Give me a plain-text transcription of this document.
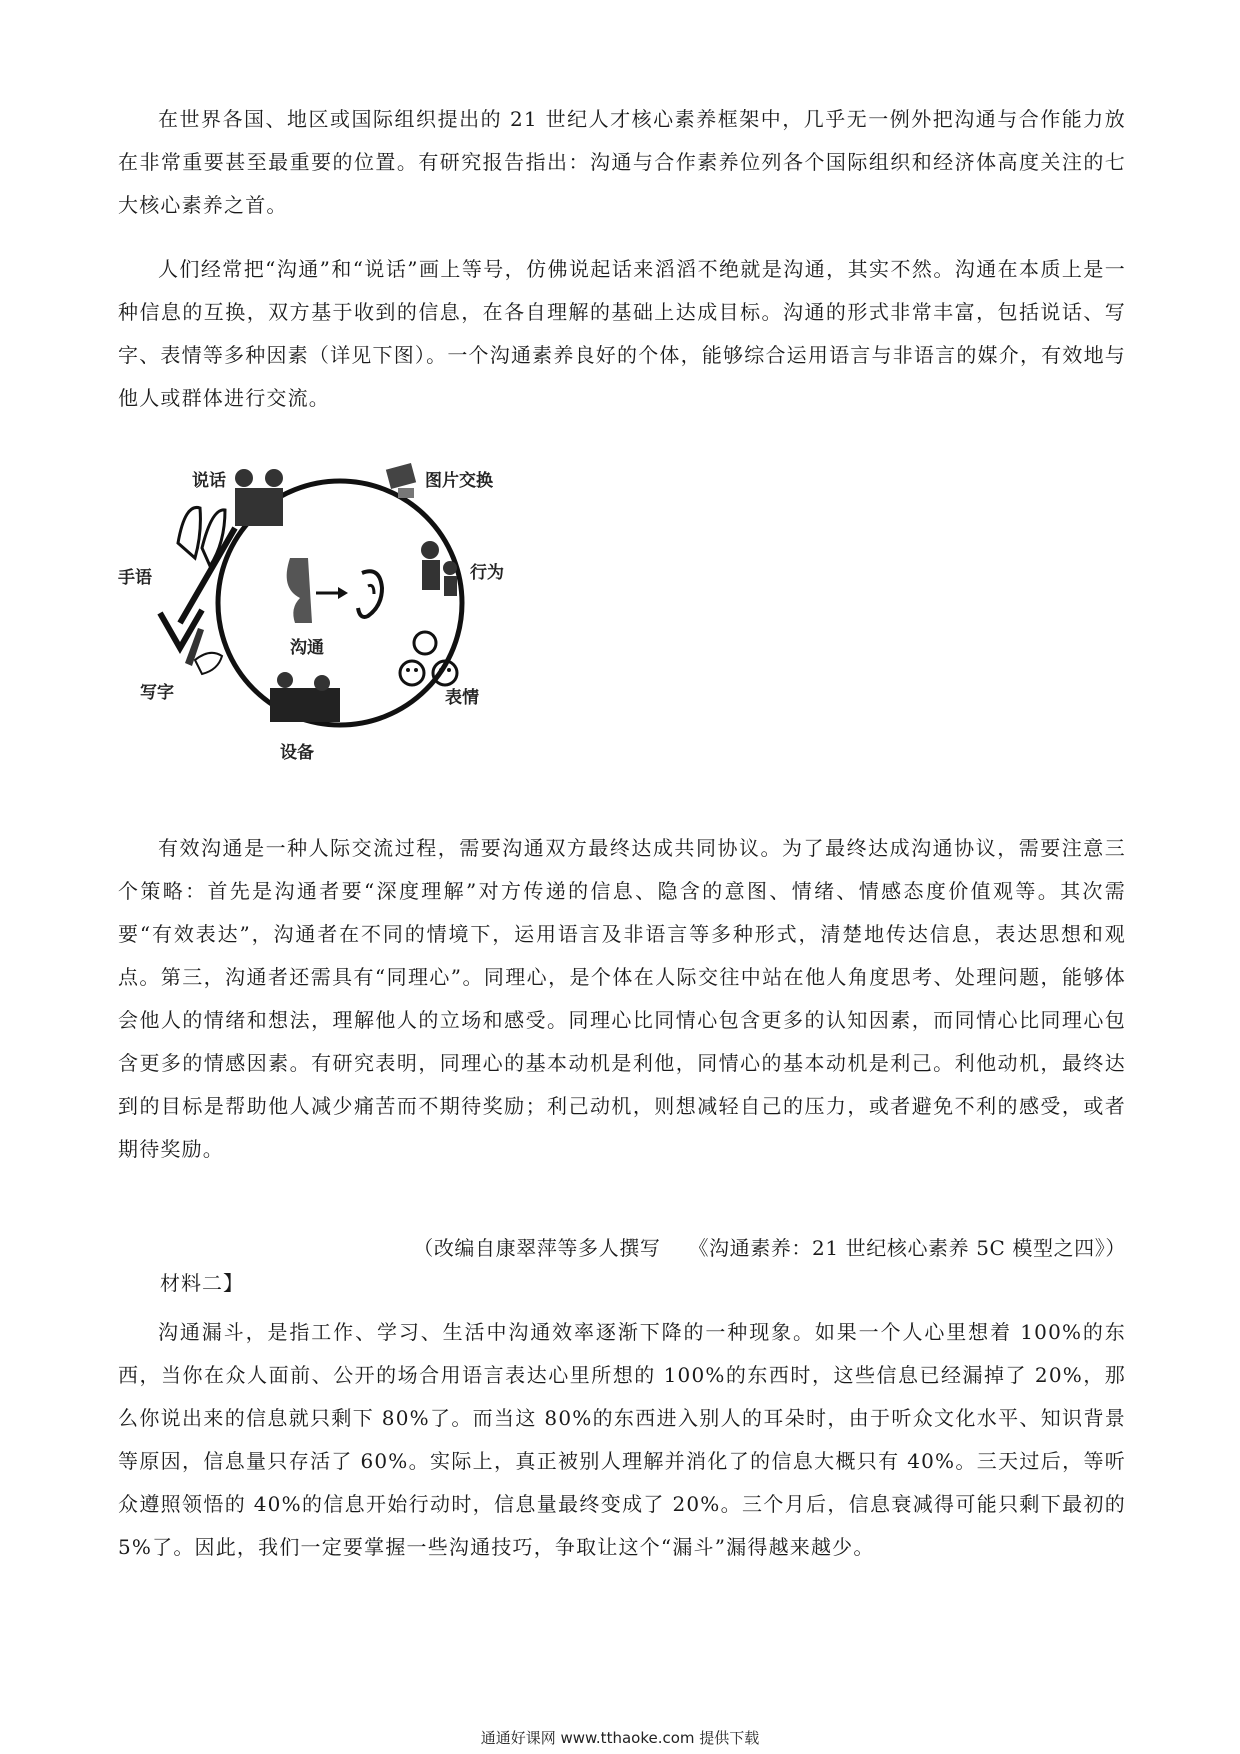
在世界各国、地区或国际组织提出的 21 世纪人才核心素养框架中，几乎无一例外把沟通与合作能力放在非常重要甚至最重要的位置。有研究报告指出：沟通与合作素养位列各个国际组织和经济体高度关注的七大核心素养之首。

人们经常把“沟通”和“说话”画上等号，仿佛说起话来滔滔不绝就是沟通，其实不然。沟通在本质上是一种信息的互换，双方基于收到的信息，在各自理解的基础上达成目标。沟通的形式非常丰富，包括说话、写字、表情等多种因素（详见下图）。一个沟通素养良好的个体，能够综合运用语言与非语言的媒介，有效地与他人或群体进行交流。

沟通
说话	图片交换
行为
表情
设备
写字
手语

有效沟通是一种人际交流过程，需要沟通双方最终达成共同协议。为了最终达成沟通协议，需要注意三个策略：首先是沟通者要“深度理解”对方传递的信息、隐含的意图、情绪、情感态度价值观等。其次需要“有效表达”，沟通者在不同的情境下，运用语言及非语言等多种形式，清楚地传达信息，表达思想和观点。第三，沟通者还需具有“同理心”。同理心，是个体在人际交往中站在他人角度思考、处理问题，能够体会他人的情绪和想法，理解他人的立场和感受。同理心比同情心包含更多的认知因素，而同情心比同理心包含更多的情感因素。有研究表明，同理心的基本动机是利他，同情心的基本动机是利己。利他动机，最终达到的目标是帮助他人减少痛苦而不期待奖励；利己动机，则想减轻自己的压力，或者避免不利的感受，或者期待奖励。

（改编自康翠萍等多人撰写 《沟通素养：21 世纪核心素养 5C 模型之四》）
材料二】

沟通漏斗，是指工作、学习、生活中沟通效率逐渐下降的一种现象。如果一个人心里想着 100%的东西，当你在众人面前、公开的场合用语言表达心里所想的 100%的东西时，这些信息已经漏掉了 20%，那么你说出来的信息就只剩下 80%了。而当这 80%的东西进入别人的耳朵时，由于听众文化水平、知识背景等原因，信息量只存活了 60%。实际上，真正被别人理解并消化了的信息大概只有 40%。三天过后，等听众遵照领悟的 40%的信息开始行动时，信息量最终变成了 20%。三个月后，信息衰减得可能只剩下最初的 5%了。因此，我们一定要掌握一些沟通技巧，争取让这个“漏斗”漏得越来越少。

通通好课网 www.tthaoke.com 提供下载
